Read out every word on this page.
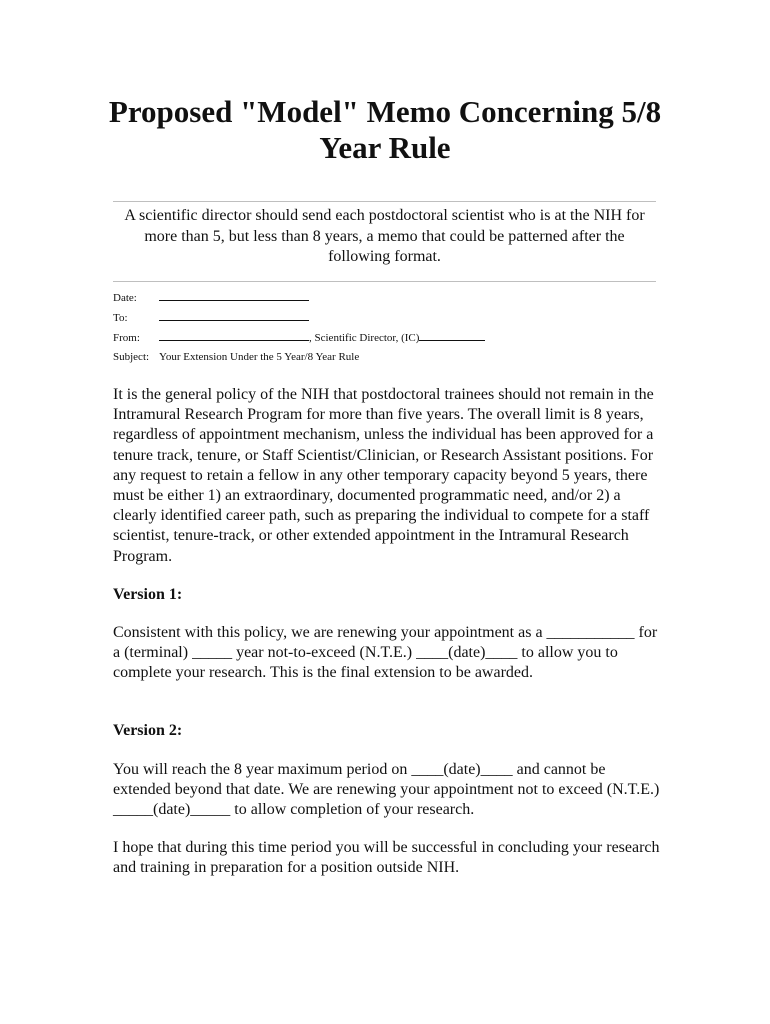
Proposed "Model" Memo Concerning 5/8 Year Rule

A scientific director should send each postdoctoral scientist who is at the NIH for more than 5, but less than 8 years, a memo that could be patterned after the following format.

Date:
To:
From:	, Scientific Director, (IC)
Subject: Your Extension Under the 5 Year/8 Year Rule

It is the general policy of the NIH that postdoctoral trainees should not remain in the Intramural Research Program for more than five years. The overall limit is 8 years, regardless of appointment mechanism, unless the individual has been approved for a tenure track, tenure, or Staff Scientist/Clinician, or Research Assistant positions. For any request to retain a fellow in any other temporary capacity beyond 5 years, there must be either 1) an extraordinary, documented programmatic need, and/or 2) a clearly identified career path, such as preparing the individual to compete for a staff scientist, tenure-track, or other extended appointment in the Intramural Research Program.

Version 1:

Consistent with this policy, we are renewing your appointment as a ___________ for a (terminal) _____ year not-to-exceed (N.T.E.) ____(date)____ to allow you to complete your research. This is the final extension to be awarded.

Version 2:

You will reach the 8 year maximum period on ____(date)____ and cannot be extended beyond that date. We are renewing your appointment not to exceed (N.T.E.) _____(date)_____ to allow completion of your research.

I hope that during this time period you will be successful in concluding your research and training in preparation for a position outside NIH.
